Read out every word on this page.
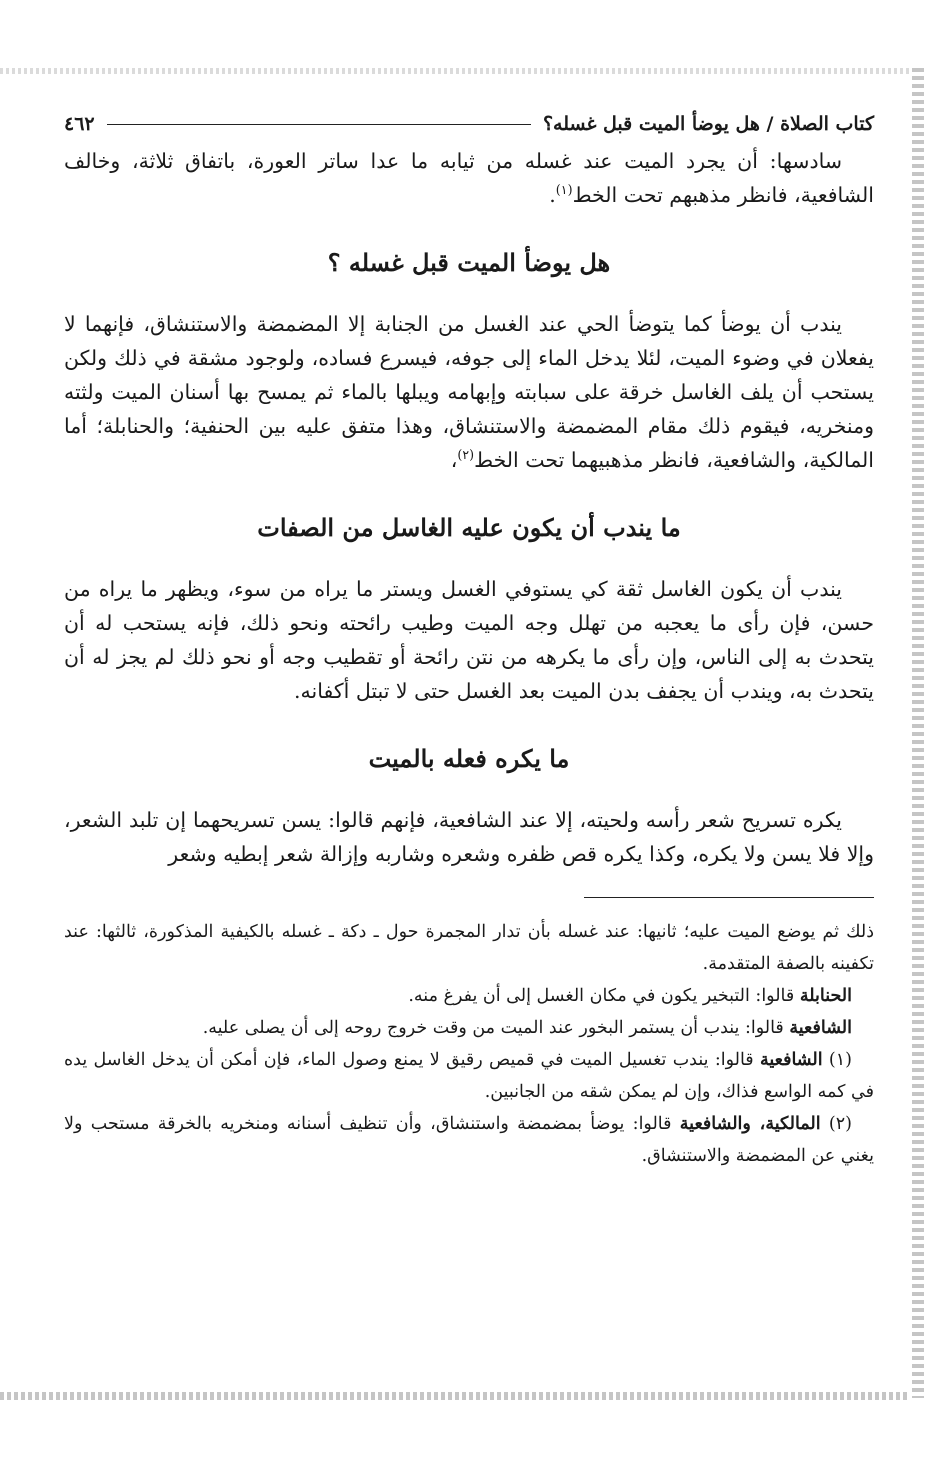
كتاب الصلاة / هل يوضأ الميت قبل غسله؟
٤٦٢

سادسها: أن يجرد الميت عند غسله من ثيابه ما عدا ساتر العورة، باتفاق ثلاثة، وخالف الشافعية، فانظر مذهبهم تحت الخط$^{(١)}$.

هل يوضأ الميت قبل غسله ؟

يندب أن يوضأ كما يتوضأ الحي عند الغسل من الجنابة إلا المضمضة والاستنشاق، فإنهما لا يفعلان في وضوء الميت، لئلا يدخل الماء إلى جوفه، فيسرع فساده، ولوجود مشقة في ذلك ولكن يستحب أن يلف الغاسل خرقة على سبابته وإبهامه ويبلها بالماء ثم يمسح بها أسنان الميت ولثته ومنخريه، فيقوم ذلك مقام المضمضة والاستنشاق، وهذا متفق عليه بين الحنفية؛ والحنابلة؛ أما المالكية، والشافعية، فانظر مذهبيهما تحت الخط$^{(٢)}$،

ما يندب أن يكون عليه الغاسل من الصفات

يندب أن يكون الغاسل ثقة كي يستوفي الغسل ويستر ما يراه من سوء، ويظهر ما يراه من حسن، فإن رأى ما يعجبه من تهلل وجه الميت وطيب رائحته ونحو ذلك، فإنه يستحب له أن يتحدث به إلى الناس، وإن رأى ما يكرهه من نتن رائحة أو تقطيب وجه أو نحو ذلك لم يجز له أن يتحدث به، ويندب أن يجفف بدن الميت بعد الغسل حتى لا تبتل أكفانه.

ما يكره فعله بالميت

يكره تسريح شعر رأسه ولحيته، إلا عند الشافعية، فإنهم قالوا: يسن تسريحهما إن تلبد الشعر، وإلا فلا يسن ولا يكره، وكذا يكره قص ظفره وشعره وشاربه وإزالة شعر إبطيه وشعر

ذلك ثم يوضع الميت عليه؛ ثانيها: عند غسله بأن تدار المجمرة حول ـ دكة ـ غسله بالكيفية المذكورة، ثالثها: عند تكفينه بالصفة المتقدمة.

الحنابلة قالوا: التبخير يكون في مكان الغسل إلى أن يفرغ منه.

الشافعية قالوا: يندب أن يستمر البخور عند الميت من وقت خروج روحه إلى أن يصلى عليه.

(١) الشافعية قالوا: يندب تغسيل الميت في قميص رقيق لا يمنع وصول الماء، فإن أمكن أن يدخل الغاسل يده في كمه الواسع فذاك، وإن لم يمكن شقه من الجانبين.

(٢) المالكية، والشافعية قالوا: يوضأ بمضمضة واستنشاق، وأن تنظيف أسنانه ومنخريه بالخرقة مستحب ولا يغني عن المضمضة والاستنشاق.
